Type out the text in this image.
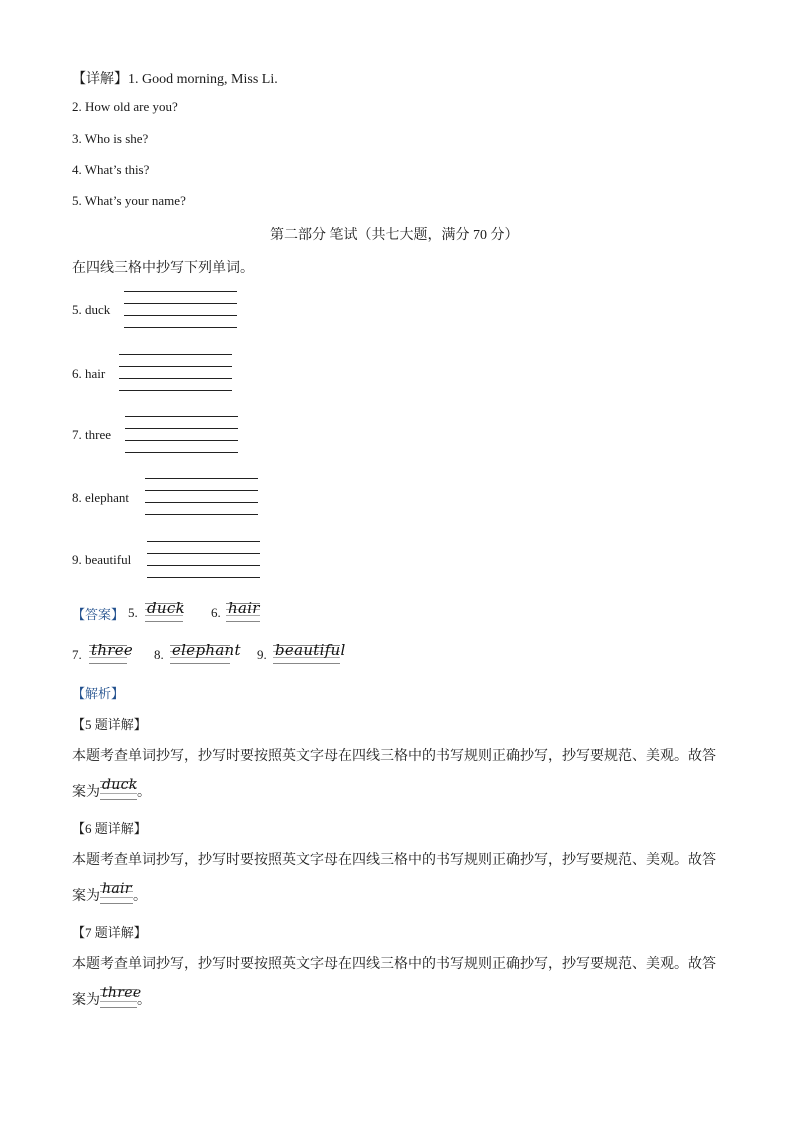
【详解】1. Good morning, Miss Li.
2. How old are you?
3. Who is she?
4. What’s this?
5. What’s your name?
第二部分 笔试（共七大题，满分 70 分）
在四线三格中抄写下列单词。
5. duck
6. hair
7. three
8. elephant
9. beautiful
【答案】 5. duck 6. hair
7. three 8. elephant 9. beautiful
【解析】
【5 题详解】
本题考查单词抄写，抄写时要按照英文字母在四线三格中的书写规则正确抄写，抄写要规范、美观。故答
案为 duck 。
【6 题详解】
本题考查单词抄写，抄写时要按照英文字母在四线三格中的书写规则正确抄写，抄写要规范、美观。故答
案为 hair 。
【7 题详解】
本题考查单词抄写，抄写时要按照英文字母在四线三格中的书写规则正确抄写，抄写要规范、美观。故答
案为 three
。
